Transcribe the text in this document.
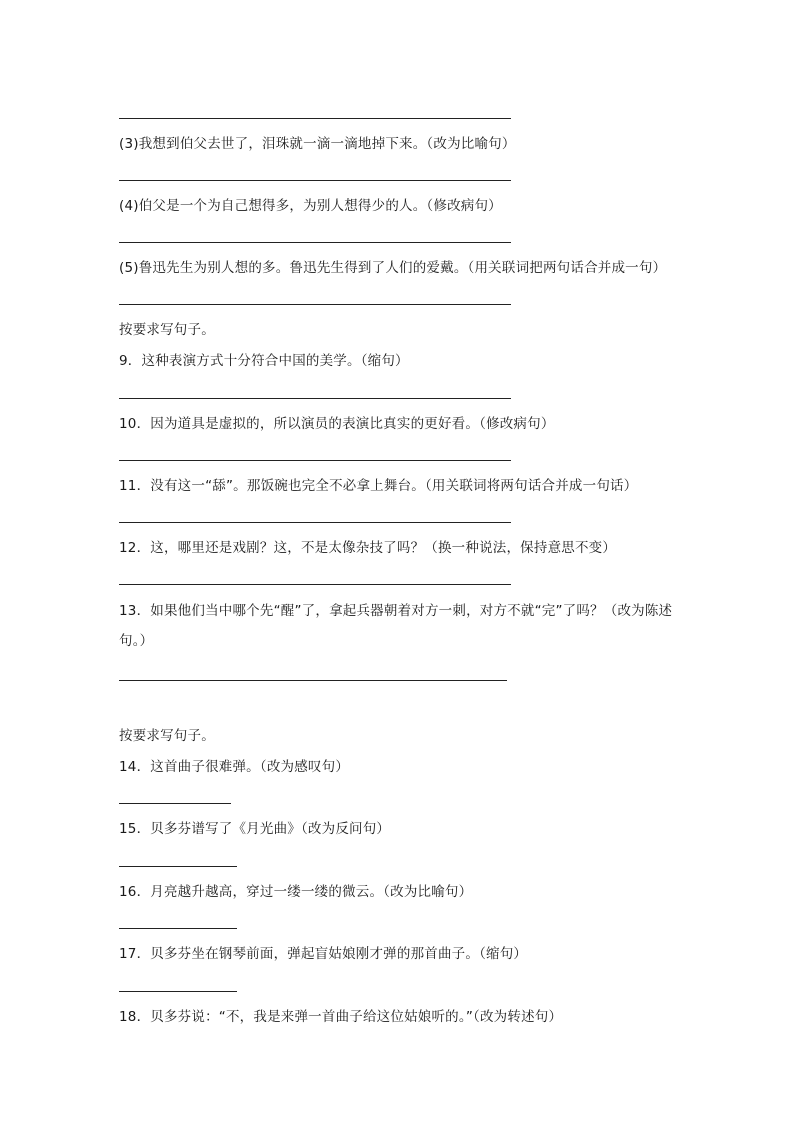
(3)我想到伯父去世了，泪珠就一滴一滴地掉下来。（改为比喻句）
(4)伯父是一个为自己想得多，为别人想得少的人。（修改病句）
(5)鲁迅先生为别人想的多。鲁迅先生得到了人们的爱戴。（用关联词把两句话合并成一句）
按要求写句子。
9．这种表演方式十分符合中国的美学。（缩句）
10．因为道具是虚拟的，所以演员的表演比真实的更好看。（修改病句）
11．没有这一“舔”。那饭碗也完全不必拿上舞台。（用关联词将两句话合并成一句话）
12．这，哪里还是戏剧？这，不是太像杂技了吗？（换一种说法，保持意思不变）
13．如果他们当中哪个先“醒”了，拿起兵器朝着对方一刺，对方不就“完”了吗？（改为陈述句。）
按要求写句子。
14．这首曲子很难弹。（改为感叹句）
15．贝多芬谱写了《月光曲》（改为反问句）
16．月亮越升越高，穿过一缕一缕的微云。（改为比喻句）
17．贝多芬坐在钢琴前面，弹起盲姑娘刚才弹的那首曲子。（缩句）
18．贝多芬说：“不，我是来弹一首曲子给这位姑娘听的。”（改为转述句）
